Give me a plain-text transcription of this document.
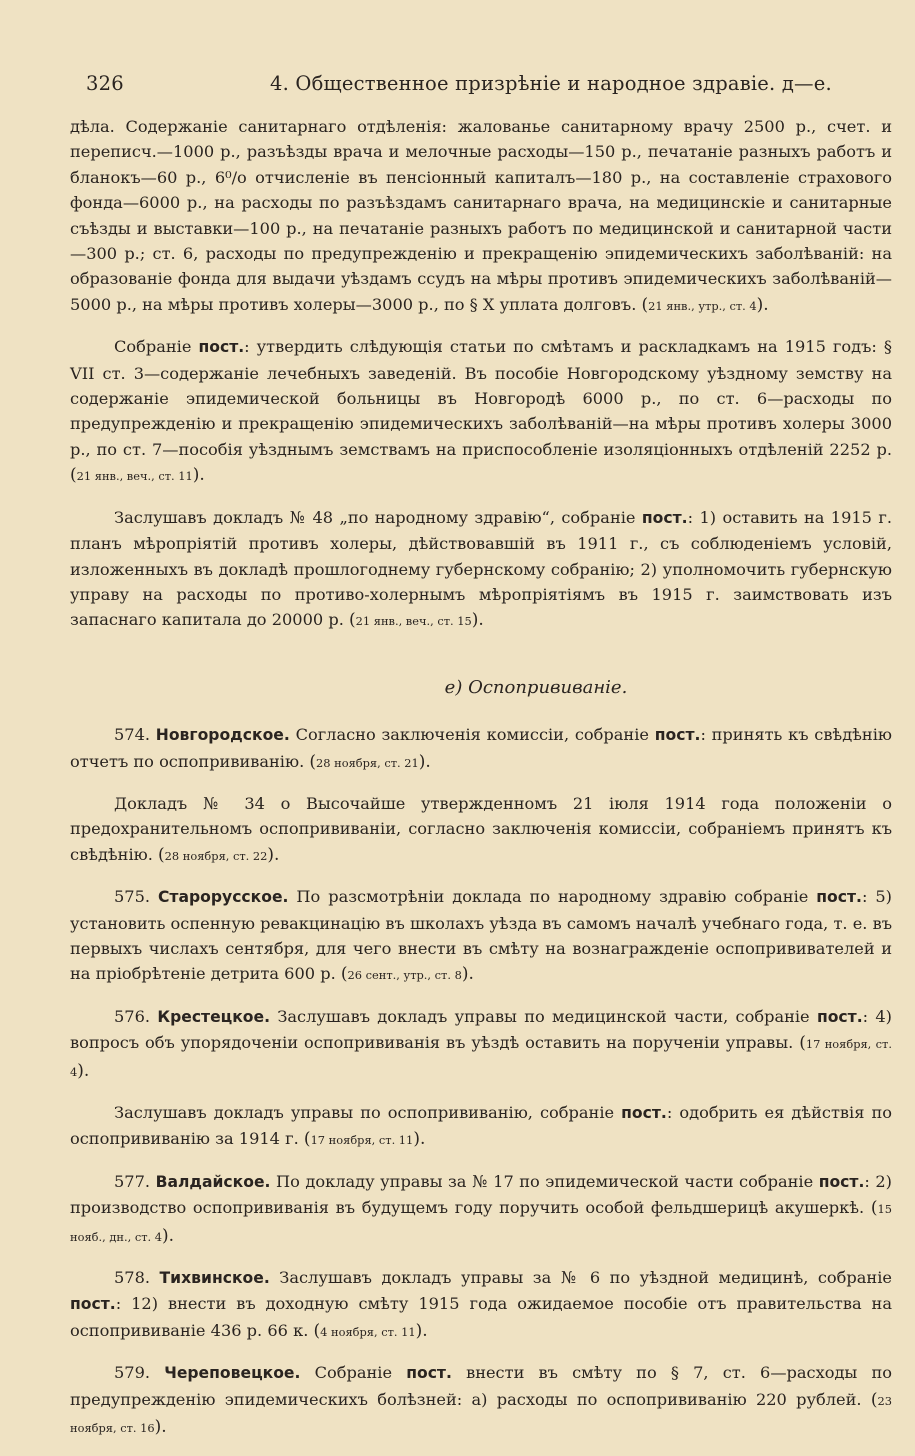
326	4. Общественное призрѣніе и народное здравіе. д—е.

дѣла. Содержаніе санитарнаго отдѣленія: жалованье санитарному врачу 2500 р., счет. и переписч.—1000 р., разъѣзды врача и мелочные расходы—150 р., печатаніе разныхъ работъ и бланокъ—60 р., 6⁰/о отчисленіе въ пенсіонный капиталъ—180 р., на составленіе страхового фонда—6000 р., на расходы по разъѣздамъ санитарнаго врача, на медицинскіе и санитарные съѣзды и выставки—100 р., на печатаніе разныхъ работъ по медицинской и санитарной части—300 р.; ст. 6, расходы по предупрежденію и прекращенію эпидемическихъ заболѣваній: на образованіе фонда для выдачи уѣздамъ ссудъ на мѣры противъ эпидемическихъ заболѣваній—5000 р., на мѣры противъ холеры—3000 р., по § X уплата долговъ. (21 янв., утр., ст. 4).

Собраніе пост.: утвердить слѣдующія статьи по смѣтамъ и раскладкамъ на 1915 годъ: § VII ст. 3—содержаніе лечебныхъ заведеній. Въ пособіе Новгородскому уѣздному земству на содержаніе эпидемической больницы въ Новгородѣ 6000 р., по ст. 6—расходы по предупрежденію и прекращенію эпидемическихъ заболѣваній—на мѣры противъ холеры 3000 р., по ст. 7—пособія уѣзднымъ земствамъ на приспособленіе изоляціонныхъ отдѣленій 2252 р. (21 янв., веч., ст. 11).

Заслушавъ докладъ № 48 „по народному здравію“, собраніе пост.: 1) оставить на 1915 г. планъ мѣропріятій противъ холеры, дѣйствовавшій въ 1911 г., съ соблюденіемъ условій, изложенныхъ въ докладѣ прошлогоднему губернскому собранію; 2) уполномочить губернскую управу на расходы по противо-холернымъ мѣропріятіямъ въ 1915 г. заимствовать изъ запаснаго капитала до 20000 р. (21 янв., веч., ст. 15).

е) Оспопрививаніе.

574. Новгородское. Согласно заключенія комиссіи, собраніе пост.: принять къ свѣдѣнію отчетъ по оспопрививанію. (28 ноября, ст. 21).

Докладъ № 34 о Высочайше утвержденномъ 21 іюля 1914 года положеніи о предохранительномъ оспопрививаніи, согласно заключенія комиссіи, собраніемъ принятъ къ свѣдѣнію. (28 ноября, ст. 22).

575. Старорусское. По разсмотрѣніи доклада по народному здравію собраніе пост.: 5) установить оспенную ревакцинацію въ школахъ уѣзда въ самомъ началѣ учебнаго года, т. е. въ первыхъ числахъ сентября, для чего внести въ смѣту на вознагражденіе оспопрививателей и на пріобрѣтеніе детрита 600 р. (26 сент., утр., ст. 8).

576. Крестецкое. Заслушавъ докладъ управы по медицинской части, собраніе пост.: 4) вопросъ объ упорядоченіи оспопрививанія въ уѣздѣ оставить на порученіи управы. (17 ноября, ст. 4).

Заслушавъ докладъ управы по оспопрививанію, собраніе пост.: одобрить ея дѣйствія по оспопрививанію за 1914 г. (17 ноября, ст. 11).

577. Валдайское. По докладу управы за № 17 по эпидемической части собраніе пост.: 2) производство оспопрививанія въ будущемъ году поручить особой фельдшерицѣ акушеркѣ. (15 нояб., дн., ст. 4).

578. Тихвинское. Заслушавъ докладъ управы за № 6 по уѣздной медицинѣ, собраніе пост.: 12) внести въ доходную смѣту 1915 года ожидаемое пособіе отъ правительства на оспопрививаніе 436 р. 66 к. (4 ноября, ст. 11).

579. Череповецкое. Собраніе пост. внести въ смѣту по § 7, ст. 6—расходы по предупрежденію эпидемическихъ болѣзней: а) расходы по оспопрививанію 220 рублей. (23 ноября, ст. 16).
